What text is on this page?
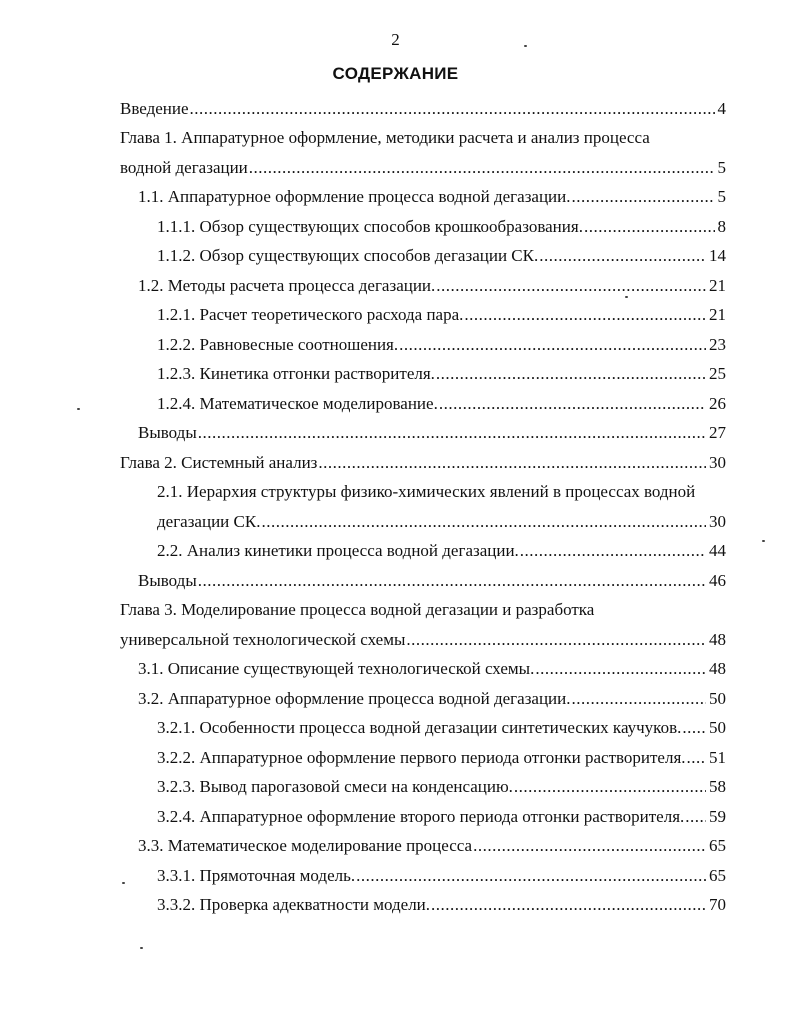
2
СОДЕРЖАНИЕ
Введение .....	4
Глава 1. Аппаратурное оформление, методики расчета и анализ процесса
водной дегазации .....	5
1.1. Аппаратурное оформление процесса водной дегазации. .....	5
1.1.1. Обзор существующих способов крошкообразования. .....	8
1.1.2. Обзор существующих способов дегазации СК. .....	14
1.2. Методы расчета процесса дегазации. .....	21
1.2.1. Расчет теоретического расхода пара. .....	21
1.2.2. Равновесные соотношения. .....	23
1.2.3. Кинетика отгонки растворителя. .....	25
1.2.4. Математическое моделирование. .....	26
Выводы .....	27
Глава 2. Системный анализ .....	30
2.1. Иерархия структуры физико-химических явлений в процессах водной
дегазации СК. .....	30
2.2. Анализ кинетики процесса водной дегазации. .....	44
Выводы .....	46
Глава 3. Моделирование процесса водной дегазации и разработка
универсальной технологической схемы .....	48
3.1. Описание существующей технологической схемы. .....	48
3.2. Аппаратурное оформление процесса водной дегазации. .....	50
3.2.1. Особенности процесса водной дегазации синтетических каучуков. ..... 50
3.2.2. Аппаратурное оформление первого периода отгонки растворителя. ..... 51
3.2.3. Вывод парогазовой смеси на конденсацию. .....	58
3.2.4. Аппаратурное оформление второго периода отгонки растворителя. ..... 59
3.3. Математическое моделирование процесса .....	65
3.3.1. Прямоточная модель. .....	65
3.3.2. Проверка адекватности модели. .....	70
